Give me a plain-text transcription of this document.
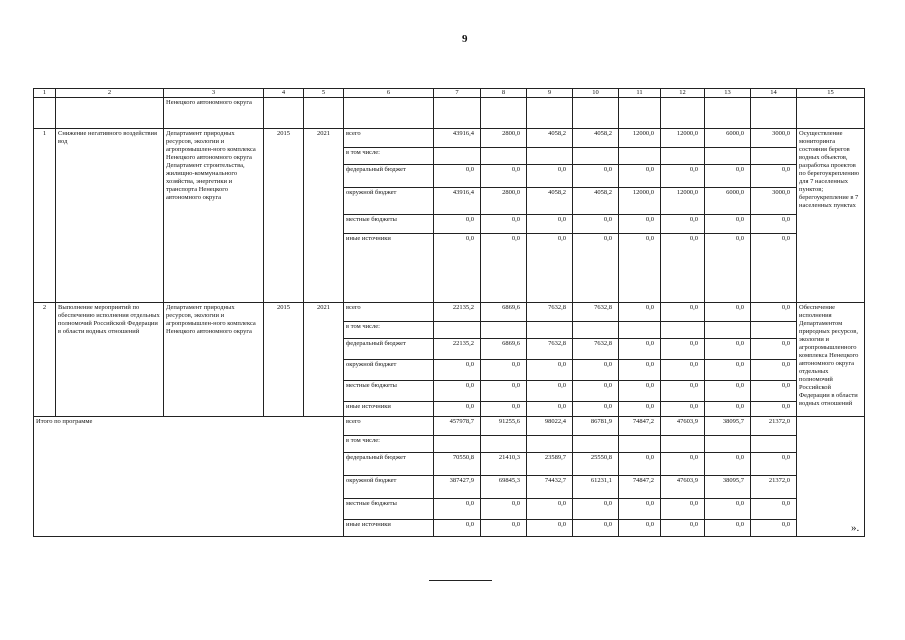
9
1	2	3	4	5	6	7	8	9	10	11	12	13	14	15
		Ненецкого автономного округа												
1	Снижение негативного воздействия вод	Департамент природных ресурсов, экологии и агропромышлен-ного комплекса Ненецкого автономного округа Департамент строительства, жилищно-коммунального хозяйства, энергетики и транспорта Ненецкого автономного округа	2015	2021	всего	43916,4	2800,0	4058,2	4058,2	12000,0	12000,0	6000,0	3000,0	Осуществление мониторинга состояния берегов водных объектов, разработка проектов по берегоукреплению для 7 населенных пунктов; берегоукрепление в 7 населенных пунктах
					в том числе:									
					федеральный бюджет	0,0	0,0	0,0	0,0	0,0	0,0	0,0	0,0	
					окружной бюджет	43916,4	2800,0	4058,2	4058,2	12000,0	12000,0	6000,0	3000,0	
					местные бюджеты	0,0	0,0	0,0	0,0	0,0	0,0	0,0	0,0	
					иные источники	0,0	0,0	0,0	0,0	0,0	0,0	0,0	0,0	
2	Выполнение мероприятий по обеспечению исполнения отдельных полномочий Российской Федерации в области водных отношений	Департамент природных ресурсов, экологии и агропромышлен-ного комплекса Ненецкого автономного округа	2015	2021	всего	22135,2	6869,6	7632,8	7632,8	0,0	0,0	0,0	0,0	Обеспечение исполнения Департаментом природных ресурсов, экологии и агропромышленного комплекса Ненецкого автономного округа отдельных полномочий Российской Федерации в области водных отношений
					в том числе:									
					федеральный бюджет	22135,2	6869,6	7632,8	7632,8	0,0	0,0	0,0	0,0	
					окружной бюджет	0,0	0,0	0,0	0,0	0,0	0,0	0,0	0,0	
					местные бюджеты	0,0	0,0	0,0	0,0	0,0	0,0	0,0	0,0	
					иные источники	0,0	0,0	0,0	0,0	0,0	0,0	0,0	0,0	
Итого по программе					всего	457978,7	91255,6	98022,4	86781,9	74847,2	47603,9	38095,7	21372,0	
					в том числе:									
					федеральный бюджет	70550,8	21410,3	23589,7	25550,8	0,0	0,0	0,0	0,0	
					окружной бюджет	387427,9	69845,3	74432,7	61231,1	74847,2	47603,9	38095,7	21372,0	
					местные бюджеты	0,0	0,0	0,0	0,0	0,0	0,0	0,0	0,0	
					иные источники	0,0	0,0	0,0	0,0	0,0	0,0	0,0	0,0		».
